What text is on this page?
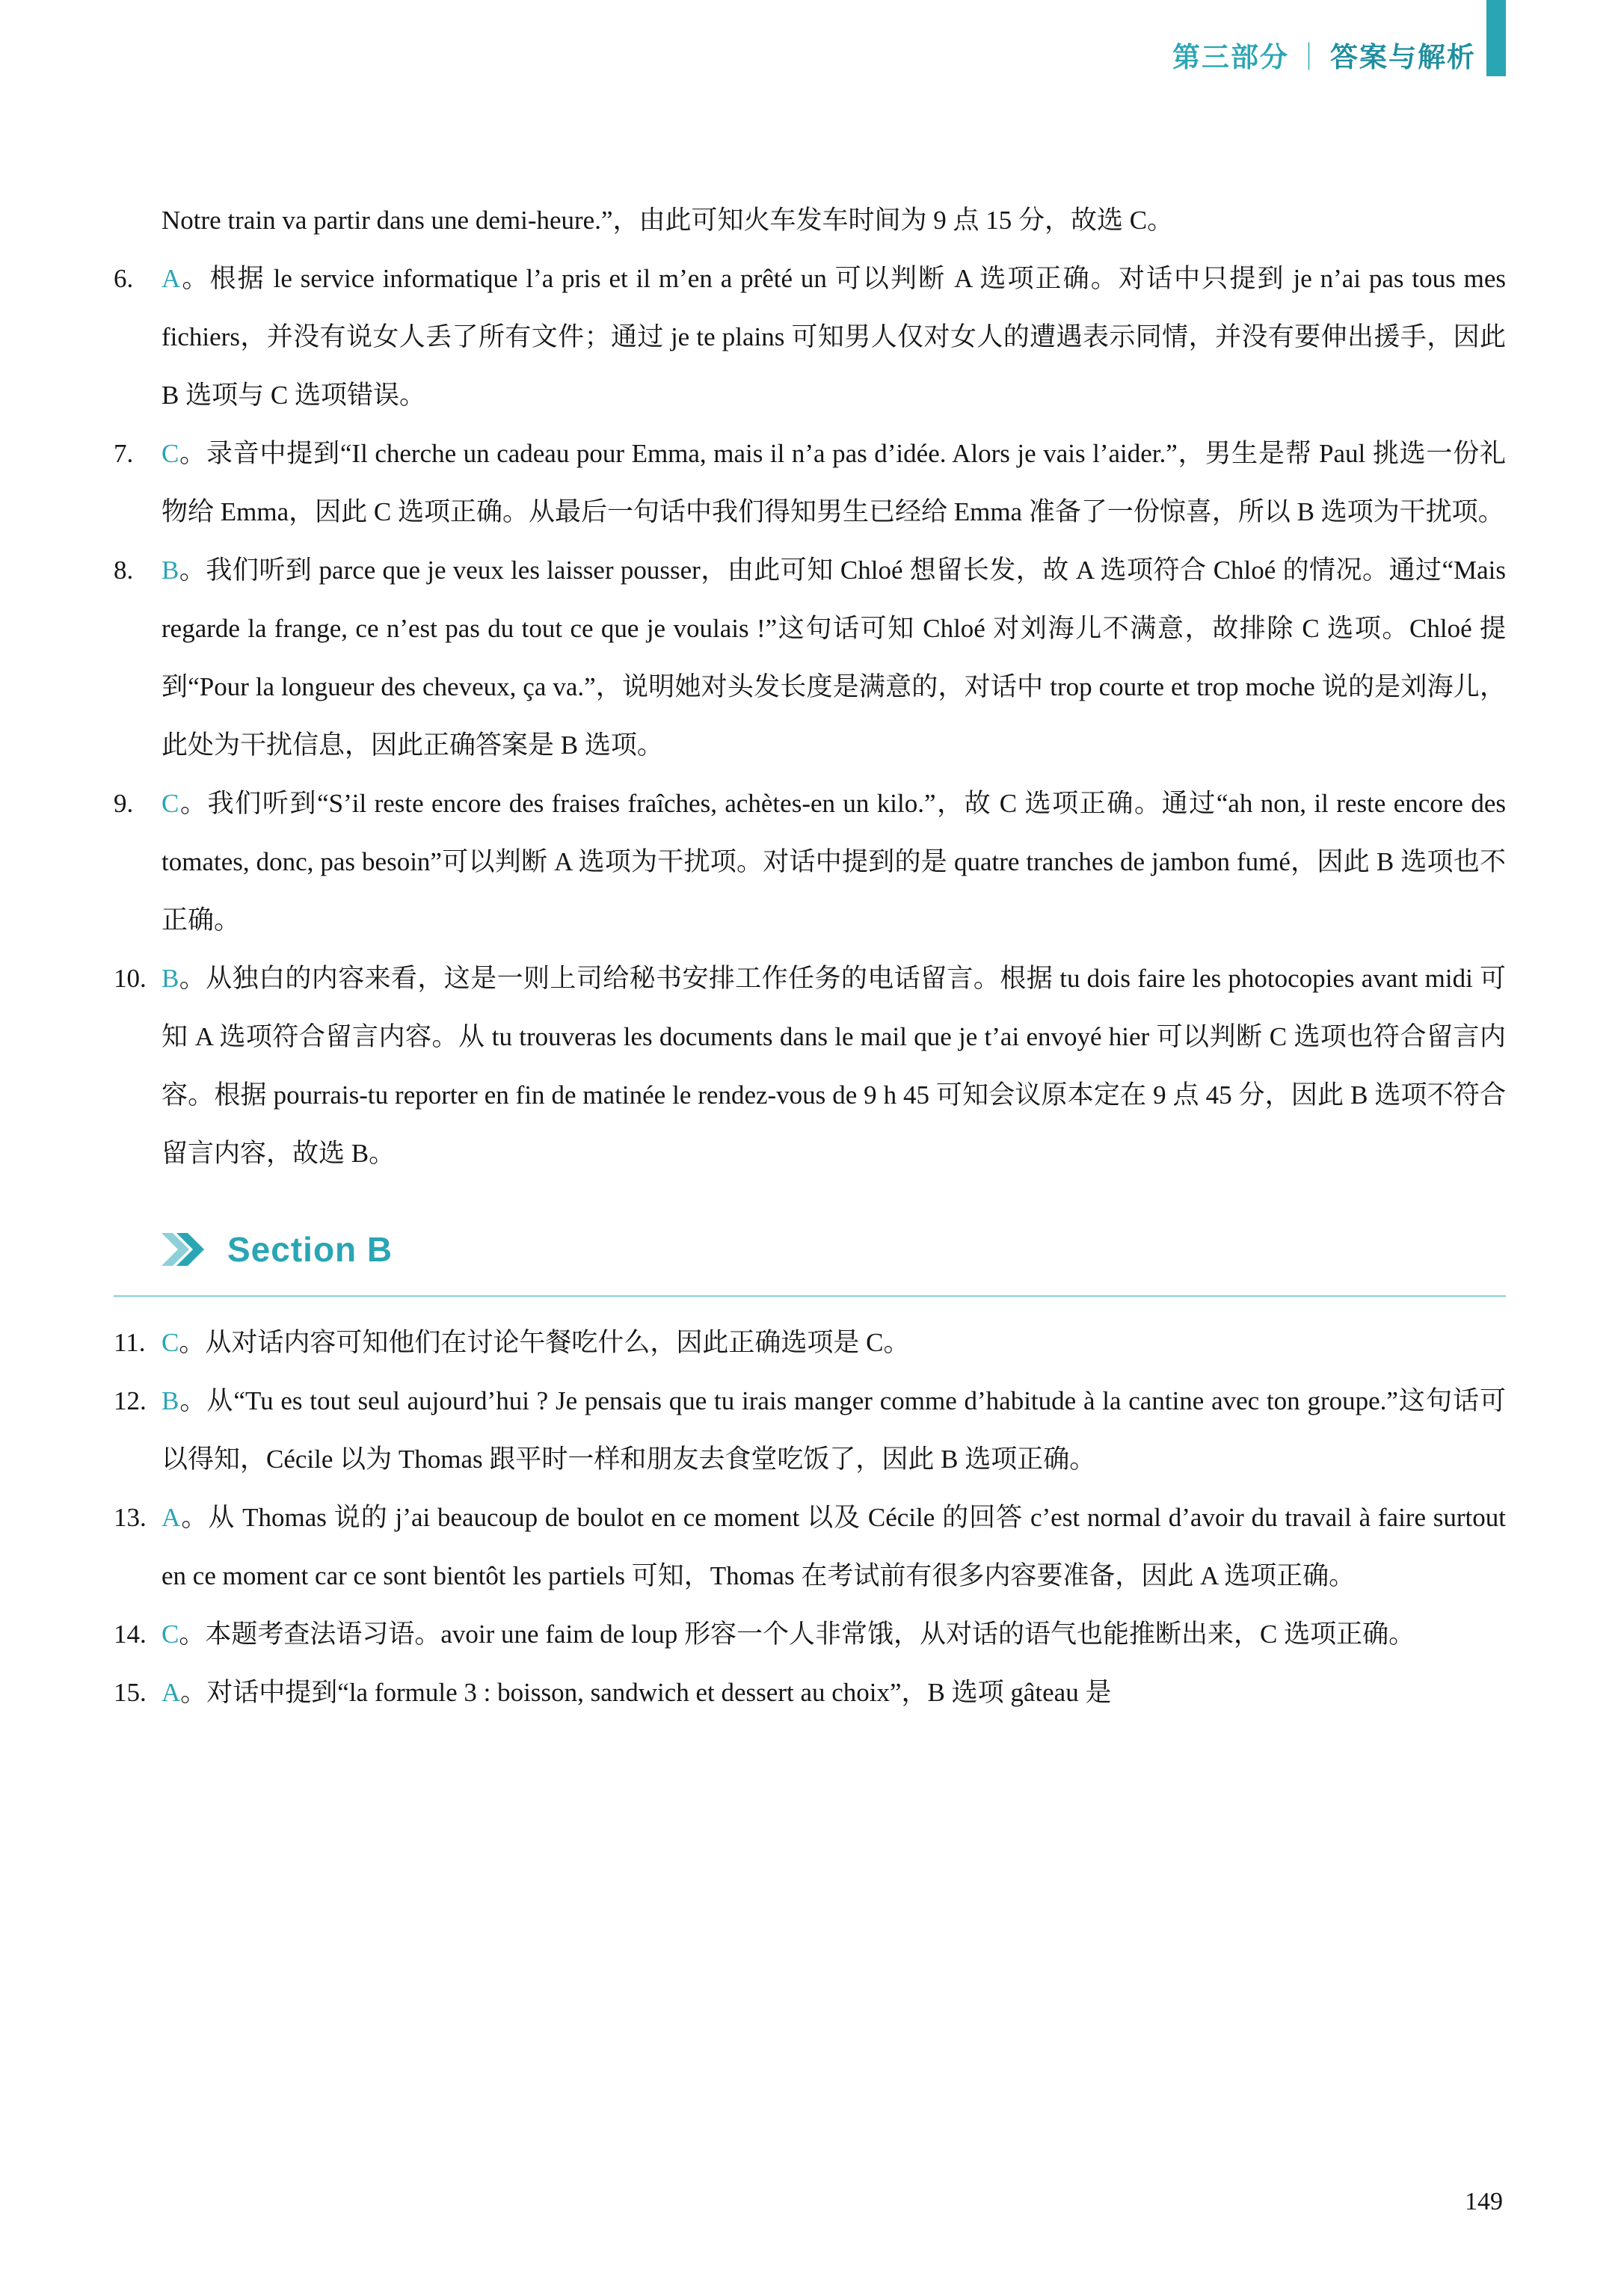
第三部分 ｜ 答案与解析
Notre train va partir dans une demi-heure.”，由此可知火车发车时间为 9 点 15 分，故选 C。
6. A。根据 le service informatique l’a pris et il m’en a prêté un 可以判断 A 选项正确。对话中只提到 je n’ai pas tous mes fichiers，并没有说女人丢了所有文件；通过 je te plains 可知男人仅对女人的遭遇表示同情，并没有要伸出援手，因此 B 选项与 C 选项错误。
7. C。录音中提到“Il cherche un cadeau pour Emma, mais il n’a pas d’idée. Alors je vais l’aider.”，男生是帮 Paul 挑选一份礼物给 Emma，因此 C 选项正确。从最后一句话中我们得知男生已经给 Emma 准备了一份惊喜，所以 B 选项为干扰项。
8. B。我们听到 parce que je veux les laisser pousser，由此可知 Chloé 想留长发，故 A 选项符合 Chloé 的情况。通过“Mais regarde la frange, ce n’est pas du tout ce que je voulais !”这句话可知 Chloé 对刘海儿不满意，故排除 C 选项。Chloé 提到“Pour la longueur des cheveux, ça va.”，说明她对头发长度是满意的，对话中 trop courte et trop moche 说的是刘海儿，此处为干扰信息，因此正确答案是 B 选项。
9. C。我们听到“S’il reste encore des fraises fraîches, achètes-en un kilo.”，故 C 选项正确。通过“ah non, il reste encore des tomates, donc, pas besoin”可以判断 A 选项为干扰项。对话中提到的是 quatre tranches de jambon fumé，因此 B 选项也不正确。
10. B。从独白的内容来看，这是一则上司给秘书安排工作任务的电话留言。根据 tu dois faire les photocopies avant midi 可知 A 选项符合留言内容。从 tu trouveras les documents dans le mail que je t’ai envoyé hier 可以判断 C 选项也符合留言内容。根据 pourrais-tu reporter en fin de matinée le rendez-vous de 9 h 45 可知会议原本定在 9 点 45 分，因此 B 选项不符合留言内容，故选 B。
Section B
11. C。从对话内容可知他们在讨论午餐吃什么，因此正确选项是 C。
12. B。从“Tu es tout seul aujourd’hui ? Je pensais que tu irais manger comme d’habitude à la cantine avec ton groupe.”这句话可以得知，Cécile 以为 Thomas 跟平时一样和朋友去食堂吃饭了，因此 B 选项正确。
13. A。从 Thomas 说的 j’ai beaucoup de boulot en ce moment 以及 Cécile 的回答 c’est normal d’avoir du travail à faire surtout en ce moment car ce sont bientôt les partiels 可知，Thomas 在考试前有很多内容要准备，因此 A 选项正确。
14. C。本题考查法语习语。avoir une faim de loup 形容一个人非常饿，从对话的语气也能推断出来，C 选项正确。
15. A。对话中提到“la formule 3 : boisson, sandwich et dessert au choix”，B 选项 gâteau 是
149
